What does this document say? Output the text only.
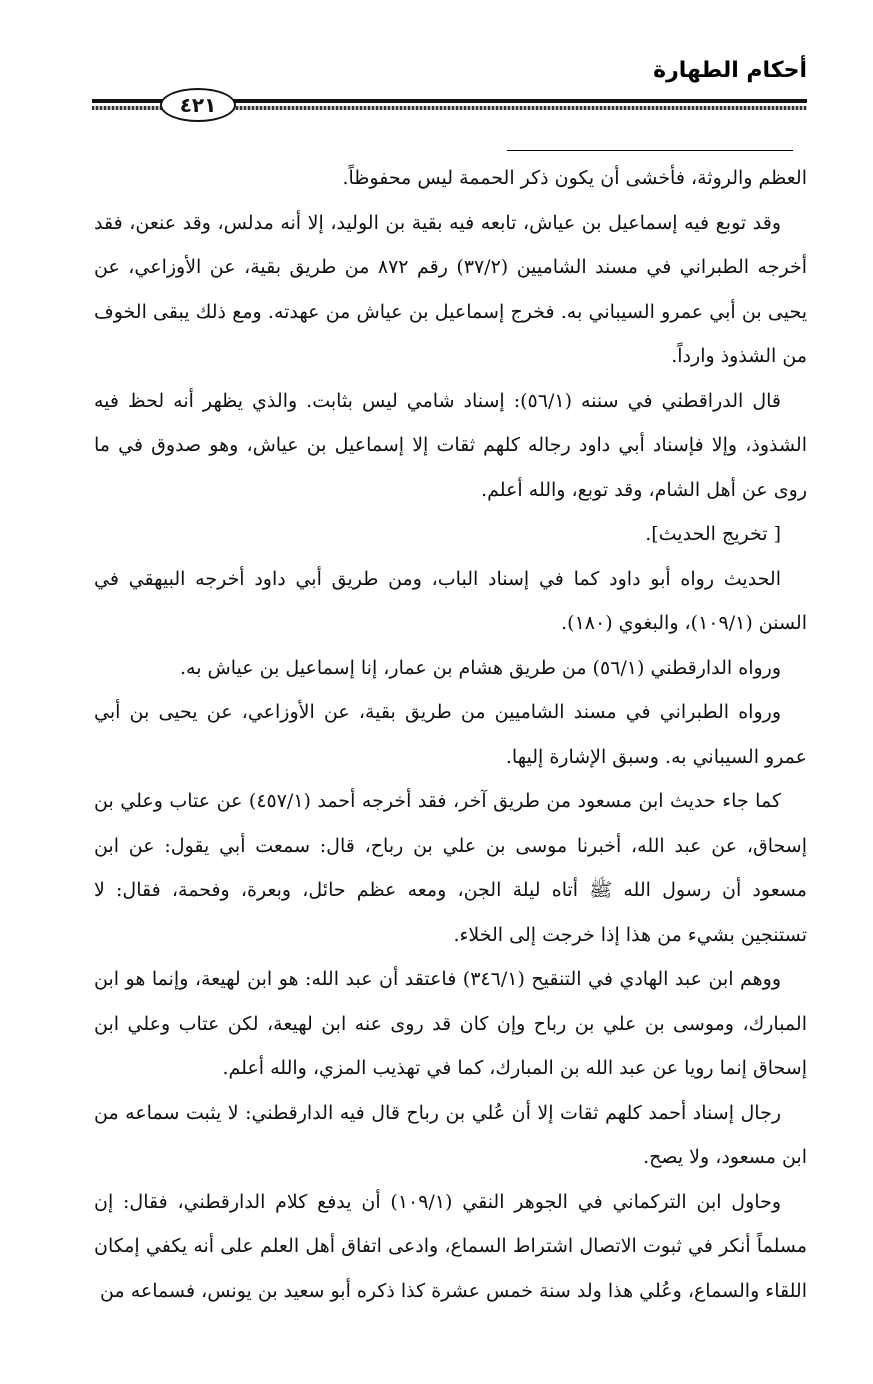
أحكام الطهارة
٤٢١

العظم والروثة، فأخشى أن يكون ذكر الحممة ليس محفوظاً.

وقد توبع فيه إسماعيل بن عياش، تابعه فيه بقية بن الوليد، إلا أنه مدلس، وقد عنعن، فقد أخرجه الطبراني في مسند الشاميين (٣٧/٢) رقم ٨٧٢ من طريق بقية، عن الأوزاعي، عن يحيى بن أبي عمرو السيباني به. فخرج إسماعيل بن عياش من عهدته. ومع ذلك يبقى الخوف من الشذوذ وارداً.

قال الدراقطني في سننه (٥٦/١): إسناد شامي ليس بثابت. والذي يظهر أنه لحظ فيه الشذوذ، وإلا فإسناد أبي داود رجاله كلهم ثقات إلا إسماعيل بن عياش، وهو صدوق في ما روى عن أهل الشام، وقد توبع، والله أعلم.

[ تخريج الحديث].

الحديث رواه أبو داود كما في إسناد الباب، ومن طريق أبي داود أخرجه البيهقي في السنن (١٠٩/١)، والبغوي (١٨٠).

ورواه الدارقطني (٥٦/١) من طريق هشام بن عمار، إنا إسماعيل بن عياش به.

ورواه الطبراني في مسند الشاميين من طريق بقية، عن الأوزاعي، عن يحيى بن أبي عمرو السيباني به. وسبق الإشارة إليها.

كما جاء حديث ابن مسعود من طريق آخر، فقد أخرجه أحمد (٤٥٧/١) عن عتاب وعلي بن إسحاق، عن عبد الله، أخبرنا موسى بن علي بن رباح، قال: سمعت أبي يقول: عن ابن مسعود أن رسول الله ﷺ أتاه ليلة الجن، ومعه عظم حائل، وبعرة، وفحمة، فقال: لا تستنجين بشيء من هذا إذا خرجت إلى الخلاء.

ووهم ابن عبد الهادي في التنقيح (٣٤٦/١) فاعتقد أن عبد الله: هو ابن لهيعة، وإنما هو ابن المبارك، وموسى بن علي بن رباح وإن كان قد روى عنه ابن لهيعة، لكن عتاب وعلي ابن إسحاق إنما رويا عن عبد الله بن المبارك، كما في تهذيب المزي، والله أعلم.

رجال إسناد أحمد كلهم ثقات إلا أن عُلي بن رباح قال فيه الدارقطني: لا يثبت سماعه من ابن مسعود، ولا يصح.

وحاول ابن التركماني في الجوهر النقي (١٠٩/١) أن يدفع كلام الدارقطني، فقال: إن مسلماً أنكر في ثبوت الاتصال اشتراط السماع، وادعى اتفاق أهل العلم على أنه يكفي إمكان اللقاء والسماع، وعُلي هذا ولد سنة خمس عشرة كذا ذكره أبو سعيد بن يونس، فسماعه من
